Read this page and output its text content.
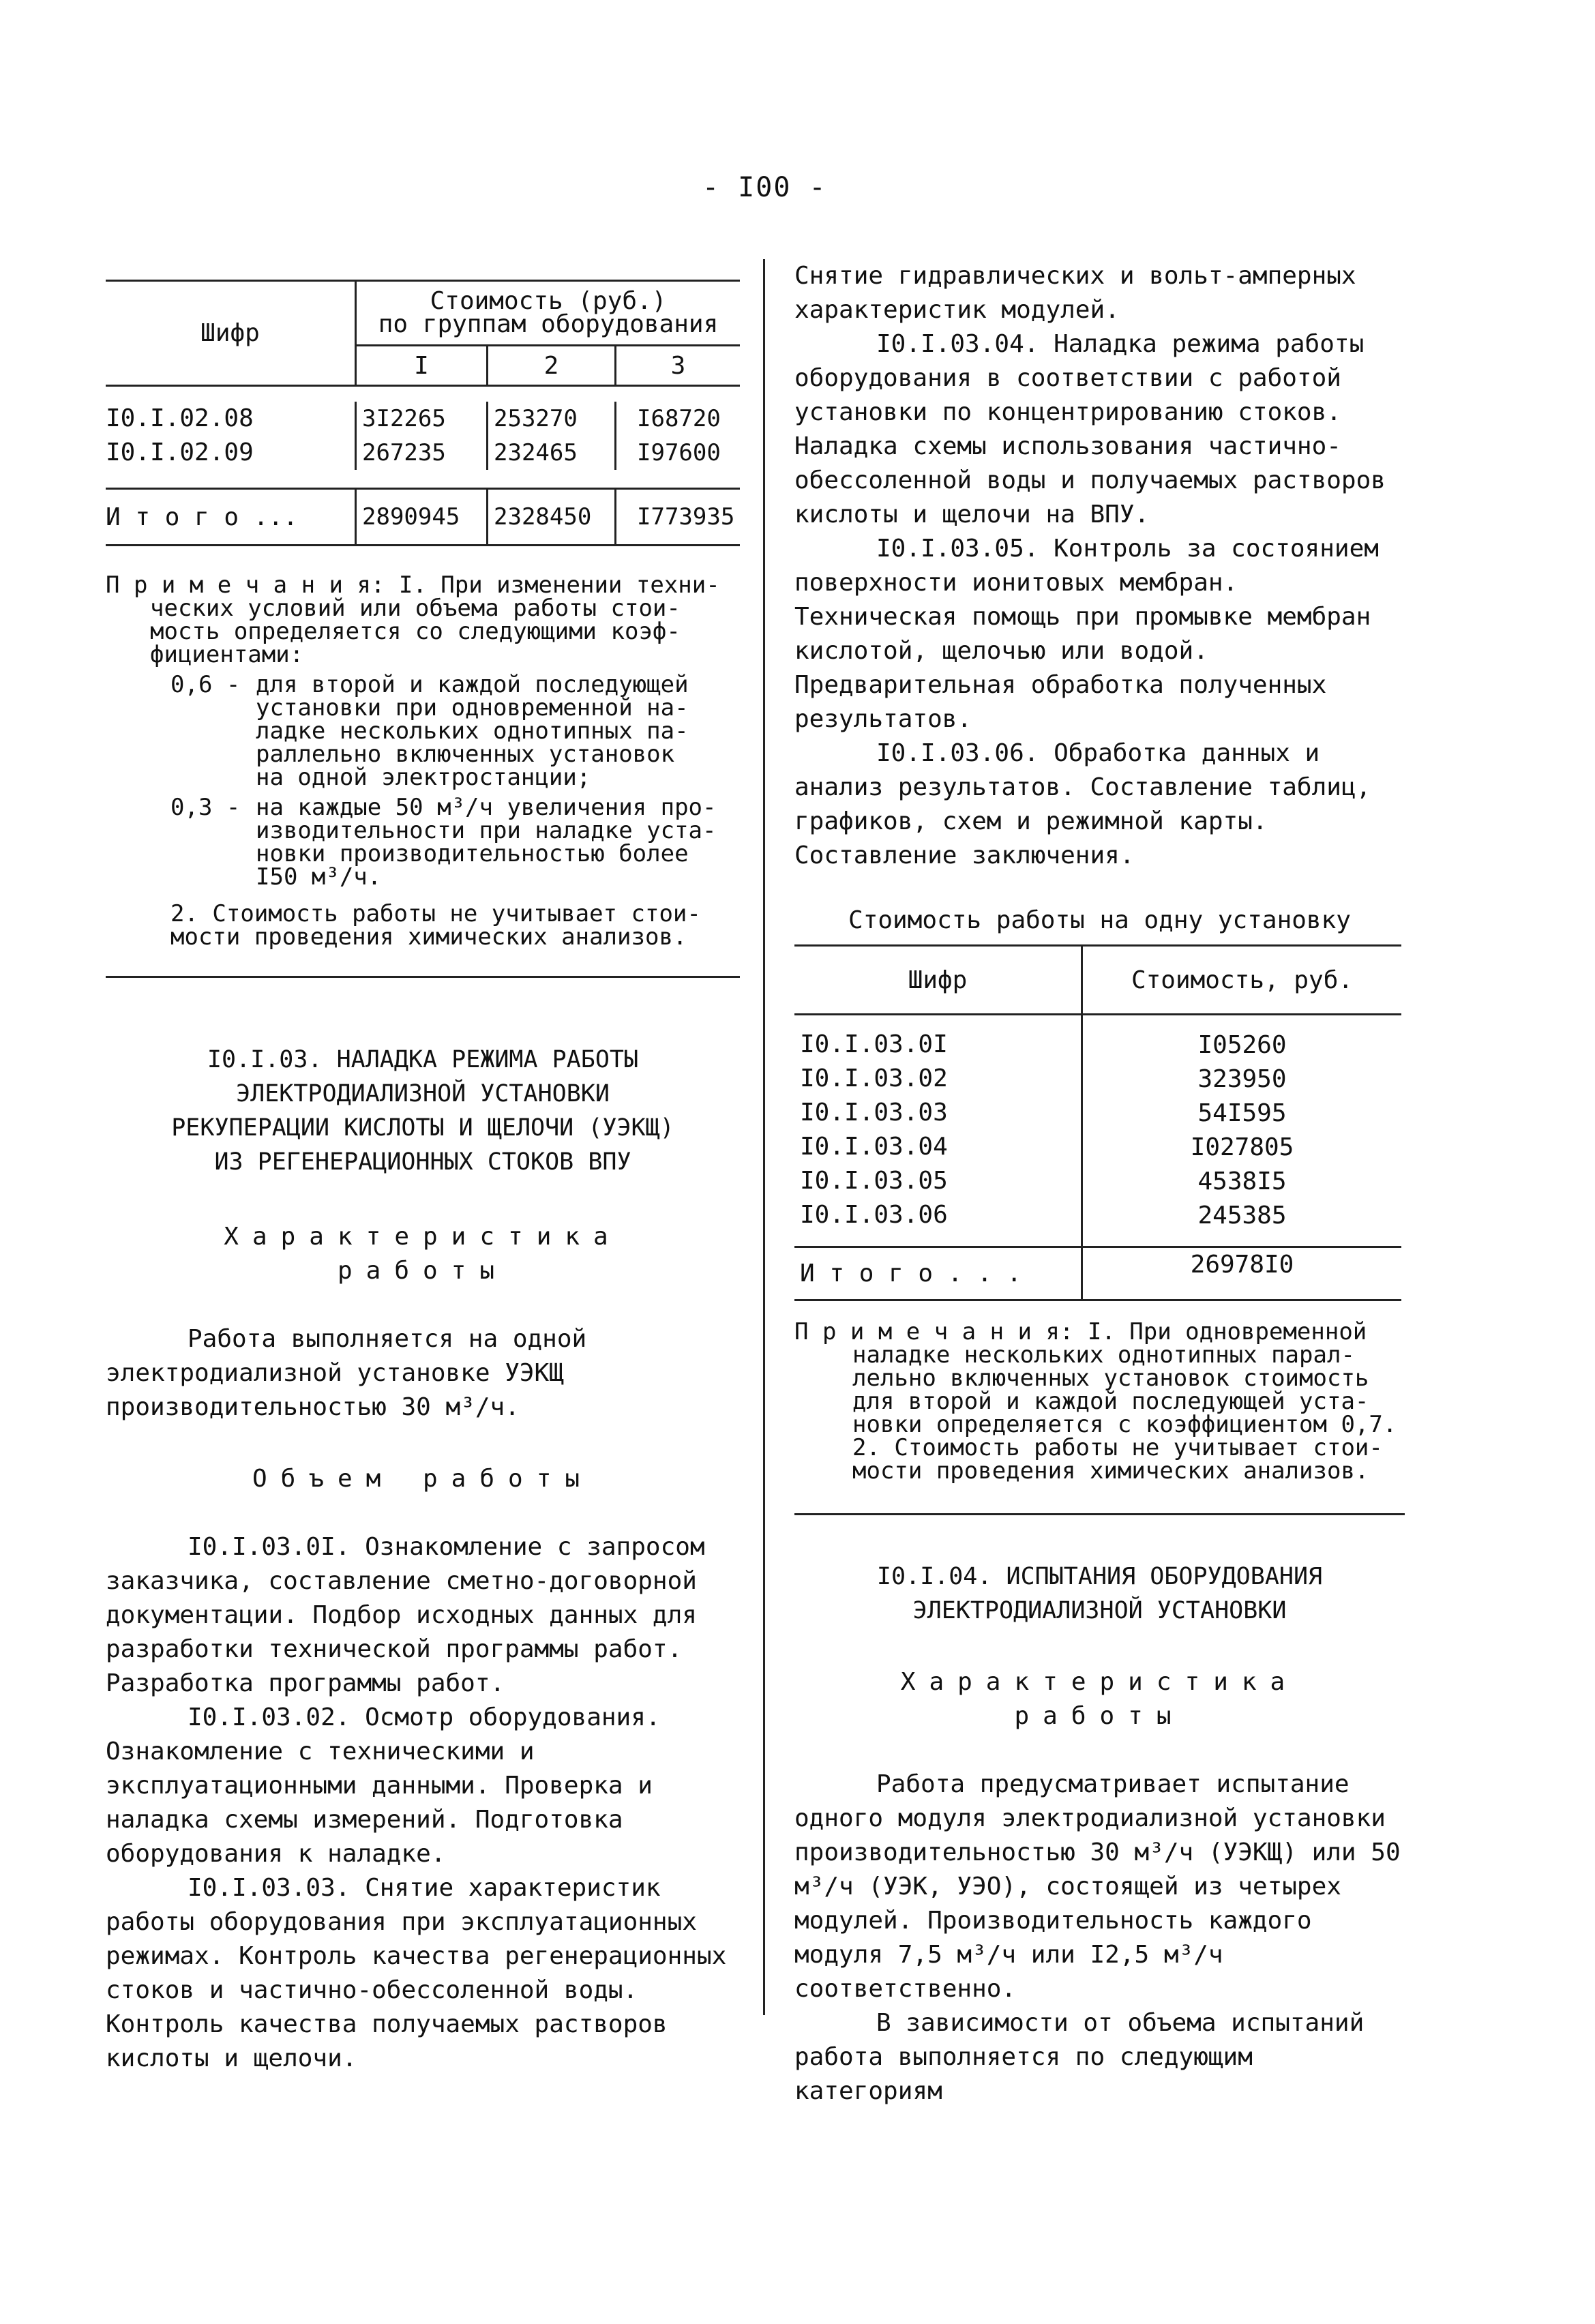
- I00 -
Шифр	Стоимость (руб.)
по группам оборудования		

	I	2	3

I0.I.02.08	3I2265	253270	I68720
I0.I.02.09	267235	232465	I97600

И т о г о ...	2890945	2328450	I773935

П р и м е ч а н и я: I. При изменении техни-

ческих условий или объема работы стои-

мость определяется со следующими коэф-

фициентами:

0,6 - для второй и каждой последующей

установки при одновременной на-

ладке нескольких однотипных па-

раллельно включенных установок

на одной электростанции;

0,3 - на каждые 50 м³/ч увеличения про-

изводительности при наладке уста-

новки производительностью более

I50 м³/ч.

2. Стоимость работы не учитывает стои-

мости проведения химических анализов.

I0.I.03. НАЛАДКА РЕЖИМА РАБОТЫ

ЭЛЕКТРОДИАЛИЗНОЙ УСТАНОВКИ

РЕКУПЕРАЦИИ КИСЛОТЫ И ЩЕЛОЧИ (УЭКЩ)

ИЗ РЕГЕНЕРАЦИОННЫХ СТОКОВ ВПУ

Характеристика

работы

Работа выполняется на одной электродиализной установке УЭКЩ производительностью 30 м³/ч.

Объем работы

I0.I.03.0I. Ознакомление с запросом заказчика, составление сметно-договорной документации. Подбор исходных данных для разработки технической программы работ. Разработка программы работ.

I0.I.03.02. Осмотр оборудования. Ознакомление с техническими и эксплуатационными данными. Проверка и наладка схемы измерений. Подготовка оборудования к наладке.

I0.I.03.03. Снятие характеристик работы оборудования при эксплуатационных режимах. Контроль качества регенерационных стоков и частично-обессоленной воды. Контроль качества получаемых растворов кислоты и щелочи.

Снятие гидравлических и вольт-амперных характеристик модулей.

I0.I.03.04. Наладка режима работы оборудования в соответствии с работой установки по концентрированию стоков. Наладка схемы использования частично-обессоленной воды и получаемых растворов кислоты и щелочи на ВПУ.

I0.I.03.05. Контроль за состоянием поверхности ионитовых мембран. Техническая помощь при промывке мембран кислотой, щелочью или водой. Предварительная обработка полученных результатов.

I0.I.03.06. Обработка данных и анализ результатов. Составление таблиц, графиков, схем и режимной карты. Составление заключения.

Стоимость работы на одну установку

Шифр	Стоимость, руб.

I0.I.03.0I	I05260
I0.I.03.02	323950
I0.I.03.03	54I595
I0.I.03.04	I027805
I0.I.03.05	4538I5
I0.I.03.06	245385

И т о г о . . .	26978I0

П р и м е ч а н и я: I. При одновременной

наладке нескольких однотипных парал-

лельно включенных установок стоимость

для второй и каждой последующей уста-

новки определяется с коэффициентом 0,7.

2. Стоимость работы не учитывает стои-

мости проведения химических анализов.

I0.I.04. ИСПЫТАНИЯ ОБОРУДОВАНИЯ

ЭЛЕКТРОДИАЛИЗНОЙ УСТАНОВКИ

Характеристика

работы

Работа предусматривает испытание одного модуля электродиализной установки производительностью 30 м³/ч (УЭКЩ) или 50 м³/ч (УЭК, УЭО), состоящей из четырех модулей. Производительность каждого модуля 7,5 м³/ч или I2,5 м³/ч соответственно.

В зависимости от объема испытаний работа выполняется по следующим категориям
